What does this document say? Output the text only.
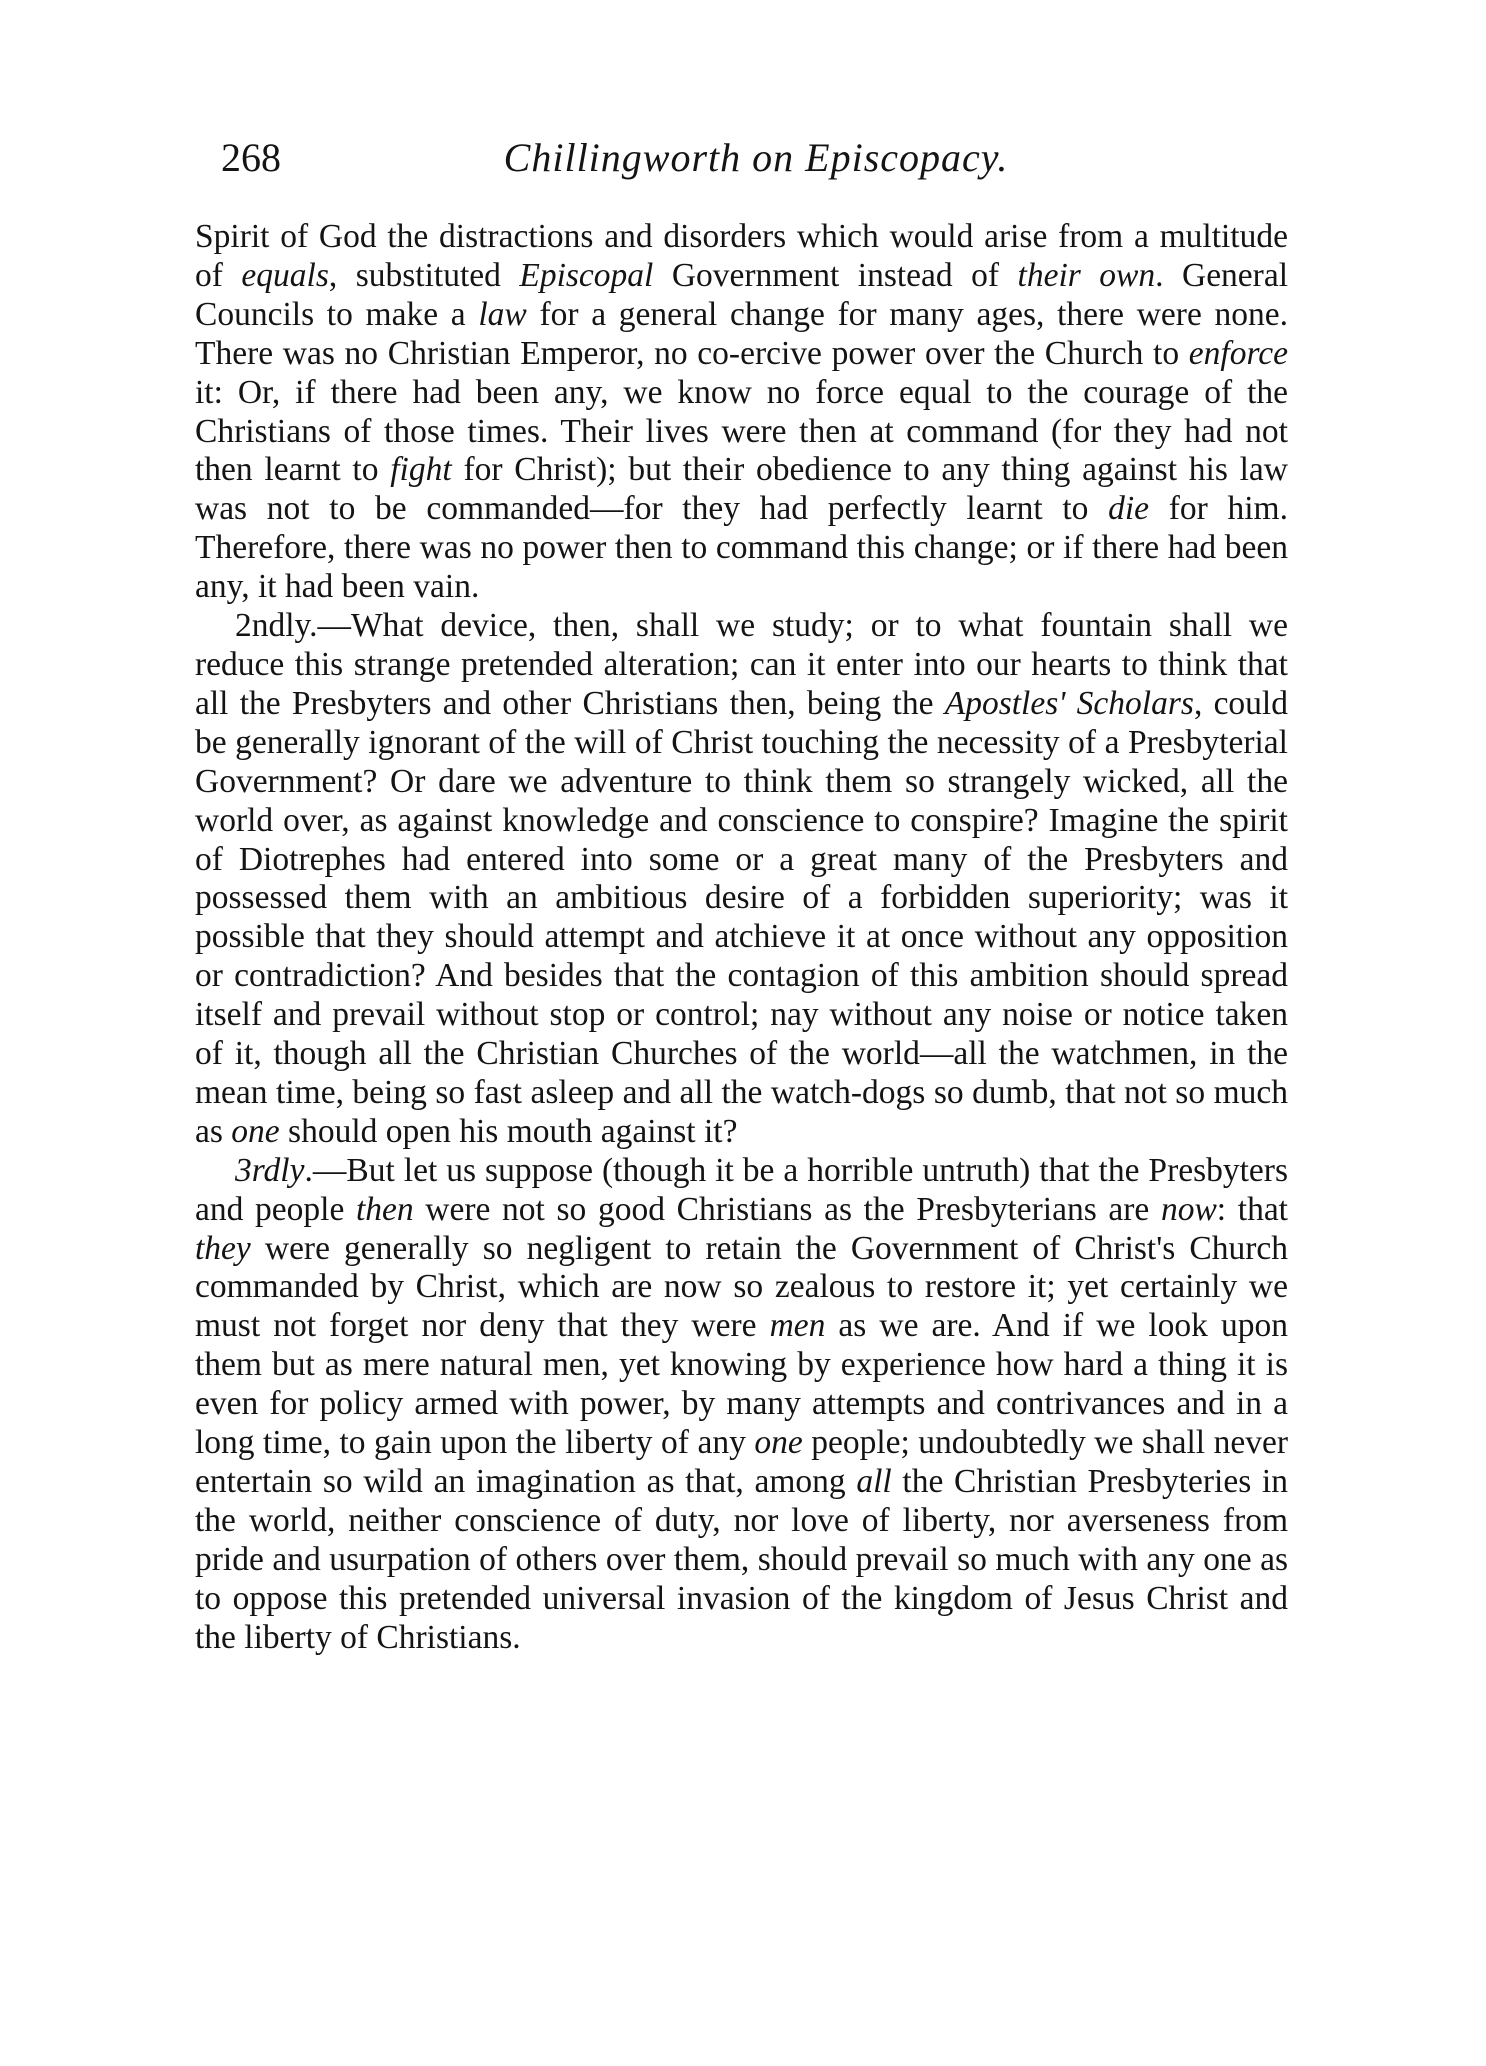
268	Chillingworth on Episcopacy.

Spirit of God the distractions and disorders which would arise from a multitude of equals, substituted Episcopal Government instead of their own. General Councils to make a law for a general change for many ages, there were none. There was no Christian Emperor, no co-ercive power over the Church to enforce it: Or, if there had been any, we know no force equal to the courage of the Christians of those times. Their lives were then at command (for they had not then learnt to fight for Christ); but their obedience to any thing against his law was not to be commanded—for they had perfectly learnt to die for him. Therefore, there was no power then to command this change; or if there had been any, it had been vain.

2ndly.—What device, then, shall we study; or to what fountain shall we reduce this strange pretended alteration; can it enter into our hearts to think that all the Presbyters and other Christians then, being the Apostles' Scholars, could be generally ignorant of the will of Christ touching the necessity of a Presbyterial Government? Or dare we adventure to think them so strangely wicked, all the world over, as against knowledge and conscience to conspire? Imagine the spirit of Diotrephes had entered into some or a great many of the Presbyters and possessed them with an ambitious desire of a forbidden superiority; was it possible that they should attempt and atchieve it at once without any opposition or contradiction? And besides that the contagion of this ambition should spread itself and prevail without stop or control; nay without any noise or notice taken of it, though all the Christian Churches of the world—all the watchmen, in the mean time, being so fast asleep and all the watch-dogs so dumb, that not so much as one should open his mouth against it?

3rdly.—But let us suppose (though it be a horrible untruth) that the Presbyters and people then were not so good Christians as the Presbyterians are now: that they were generally so negligent to retain the Government of Christ's Church commanded by Christ, which are now so zealous to restore it; yet certainly we must not forget nor deny that they were men as we are. And if we look upon them but as mere natural men, yet knowing by experience how hard a thing it is even for policy armed with power, by many attempts and contrivances and in a long time, to gain upon the liberty of any one people; undoubtedly we shall never entertain so wild an imagination as that, among all the Christian Presbyteries in the world, neither conscience of duty, nor love of liberty, nor averseness from pride and usurpation of others over them, should prevail so much with any one as to oppose this pretended universal invasion of the kingdom of Jesus Christ and the liberty of Christians.
